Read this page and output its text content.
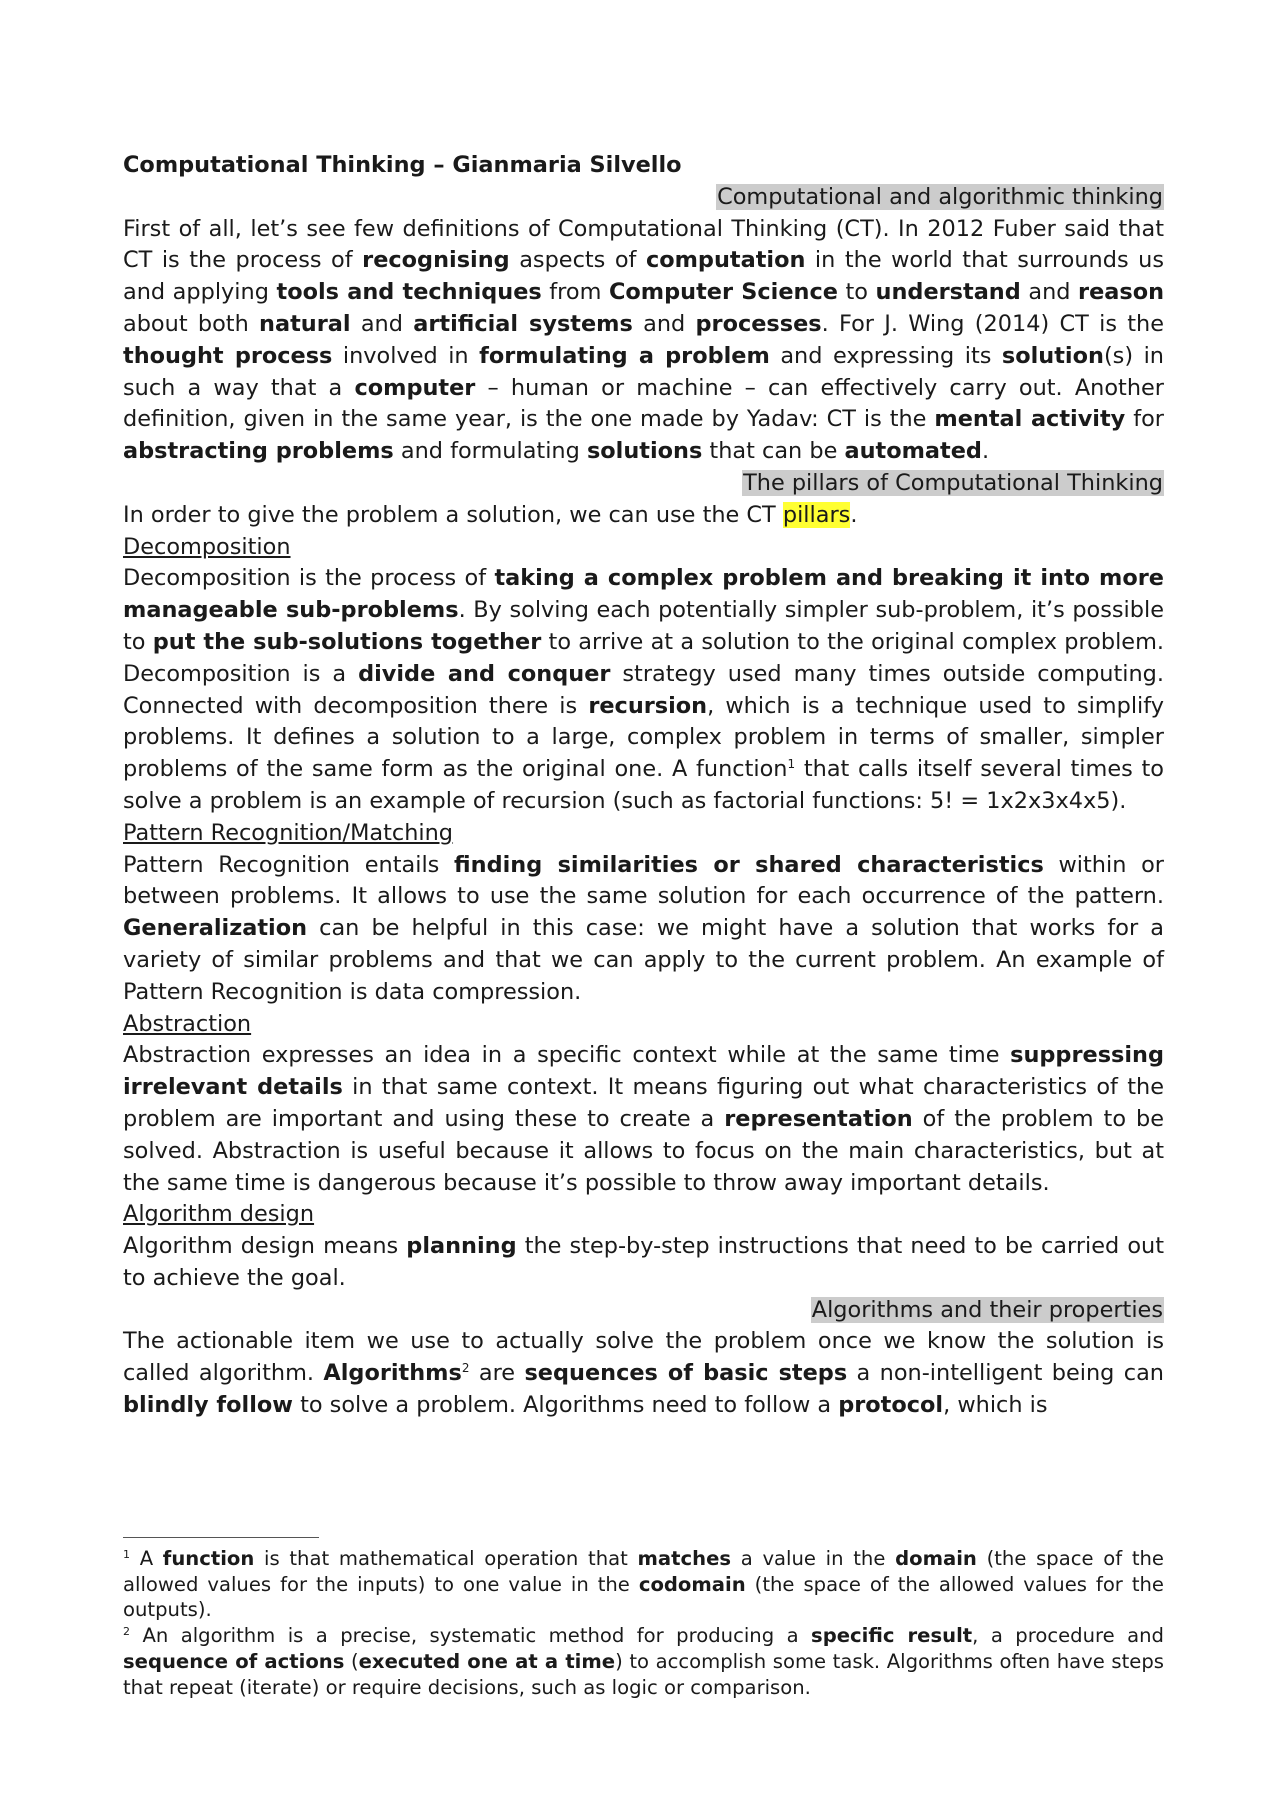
Computational Thinking – Gianmaria Silvello

Computational and algorithmic thinking

First of all, let’s see few definitions of Computational Thinking (CT). In 2012 Fuber said that CT is the process of recognising aspects of computation in the world that surrounds us and applying tools and techniques from Computer Science to understand and reason about both natural and artificial systems and processes. For J. Wing (2014) CT is the thought process involved in formulating a problem and expressing its solution(s) in such a way that a computer – human or machine – can effectively carry out. Another definition, given in the same year, is the one made by Yadav: CT is the mental activity for abstracting problems and formulating solutions that can be automated.

The pillars of Computational Thinking

In order to give the problem a solution, we can use the CT pillars.

Decomposition

Decomposition is the process of taking a complex problem and breaking it into more manageable sub-problems. By solving each potentially simpler sub-problem, it’s possible to put the sub-solutions together to arrive at a solution to the original complex problem. Decomposition is a divide and conquer strategy used many times outside computing. Connected with decomposition there is recursion, which is a technique used to simplify problems. It defines a solution to a large, complex problem in terms of smaller, simpler problems of the same form as the original one. A function$^1$ that calls itself several times to solve a problem is an example of recursion (such as factorial functions: 5! = 1x2x3x4x5).

Pattern Recognition/Matching

Pattern Recognition entails finding similarities or shared characteristics within or between problems. It allows to use the same solution for each occurrence of the pattern. Generalization can be helpful in this case: we might have a solution that works for a variety of similar problems and that we can apply to the current problem. An example of Pattern Recognition is data compression.

Abstraction

Abstraction expresses an idea in a specific context while at the same time suppressing irrelevant details in that same context. It means figuring out what characteristics of the problem are important and using these to create a representation of the problem to be solved. Abstraction is useful because it allows to focus on the main characteristics, but at the same time is dangerous because it’s possible to throw away important details.

Algorithm design

Algorithm design means planning the step-by-step instructions that need to be carried out to achieve the goal.

Algorithms and their properties

The actionable item we use to actually solve the problem once we know the solution is called algorithm. Algorithms$^2$ are sequences of basic steps a non-intelligent being can blindly follow to solve a problem. Algorithms need to follow a protocol, which is

$^1$ A function is that mathematical operation that matches a value in the domain (the space of the allowed values for the inputs) to one value in the codomain (the space of the allowed values for the outputs).

$^2$ An algorithm is a precise, systematic method for producing a specific result, a procedure and sequence of actions (executed one at a time) to accomplish some task. Algorithms often have steps that repeat (iterate) or require decisions, such as logic or comparison.
